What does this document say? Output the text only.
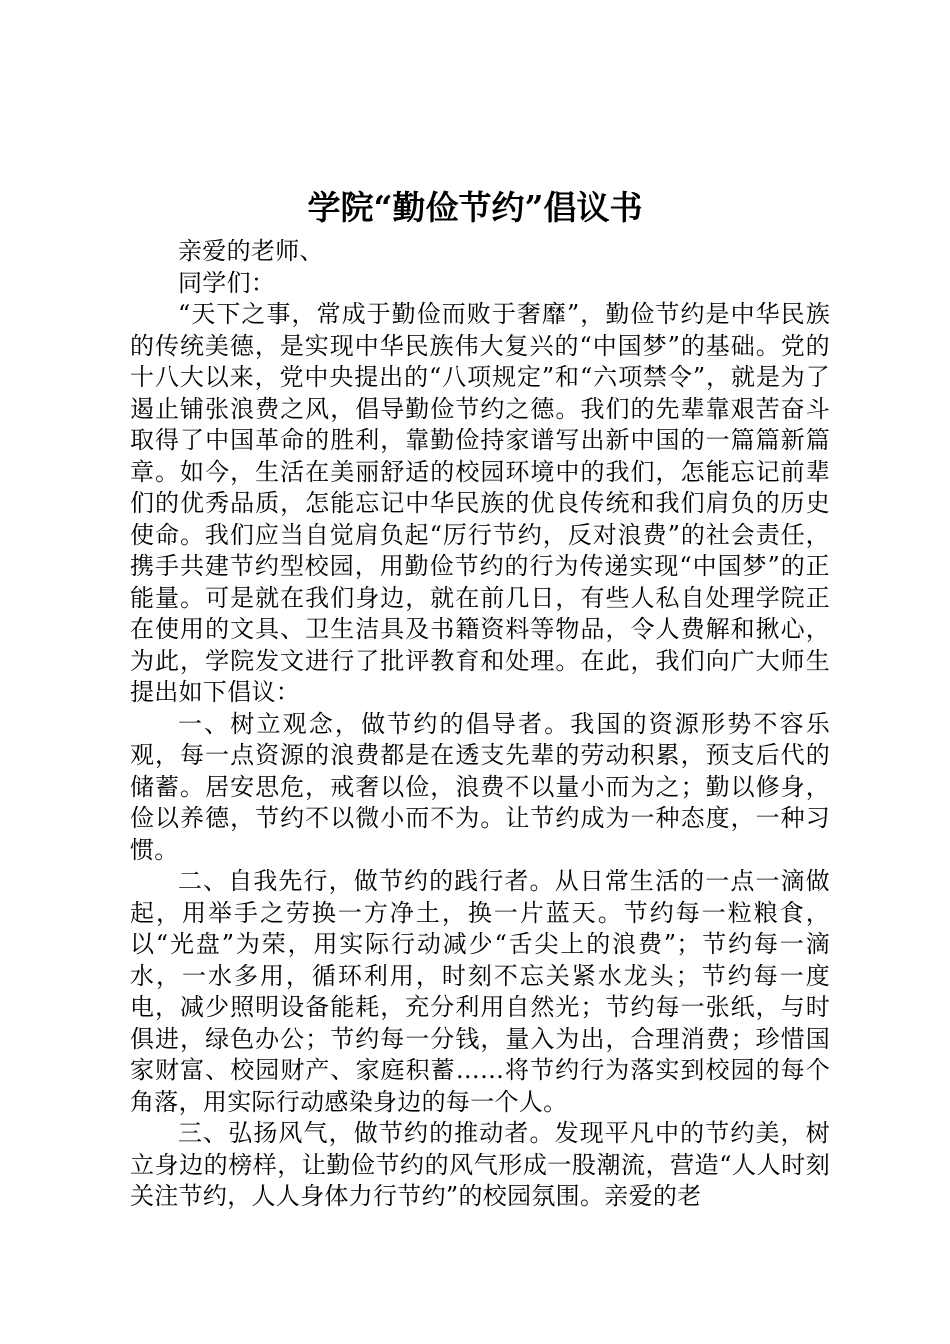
学院“勤俭节约”倡议书

亲爱的老师、

同学们：

“天下之事，常成于勤俭而败于奢靡”，勤俭节约是中华民族的传统美德，是实现中华民族伟大复兴的“中国梦”的基础。党的十八大以来，党中央提出的“八项规定”和“六项禁令”，就是为了遏止铺张浪费之风，倡导勤俭节约之德。我们的先辈靠艰苦奋斗取得了中国革命的胜利，靠勤俭持家谱写出新中国的一篇篇新篇章。如今，生活在美丽舒适的校园环境中的我们，怎能忘记前辈们的优秀品质，怎能忘记中华民族的优良传统和我们肩负的历史使命。我们应当自觉肩负起“厉行节约，反对浪费”的社会责任，携手共建节约型校园，用勤俭节约的行为传递实现“中国梦”的正能量。可是就在我们身边，就在前几日，有些人私自处理学院正在使用的文具、卫生洁具及书籍资料等物品，令人费解和揪心，为此，学院发文进行了批评教育和处理。在此，我们向广大师生提出如下倡议：

一、树立观念，做节约的倡导者。我国的资源形势不容乐观，每一点资源的浪费都是在透支先辈的劳动积累，预支后代的储蓄。居安思危，戒奢以俭，浪费不以量小而为之；勤以修身，俭以养德，节约不以微小而不为。让节约成为一种态度，一种习惯。

二、自我先行，做节约的践行者。从日常生活的一点一滴做起，用举手之劳换一方净土，换一片蓝天。节约每一粒粮食，以“光盘”为荣，用实际行动减少“舌尖上的浪费”；节约每一滴水，一水多用，循环利用，时刻不忘关紧水龙头；节约每一度电，减少照明设备能耗，充分利用自然光；节约每一张纸，与时俱进，绿色办公；节约每一分钱，量入为出，合理消费；珍惜国家财富、校园财产、家庭积蓄……将节约行为落实到校园的每个角落，用实际行动感染身边的每一个人。

三、弘扬风气，做节约的推动者。发现平凡中的节约美，树立身边的榜样，让勤俭节约的风气形成一股潮流，营造“人人时刻关注节约，人人身体力行节约”的校园氛围。亲爱的老
